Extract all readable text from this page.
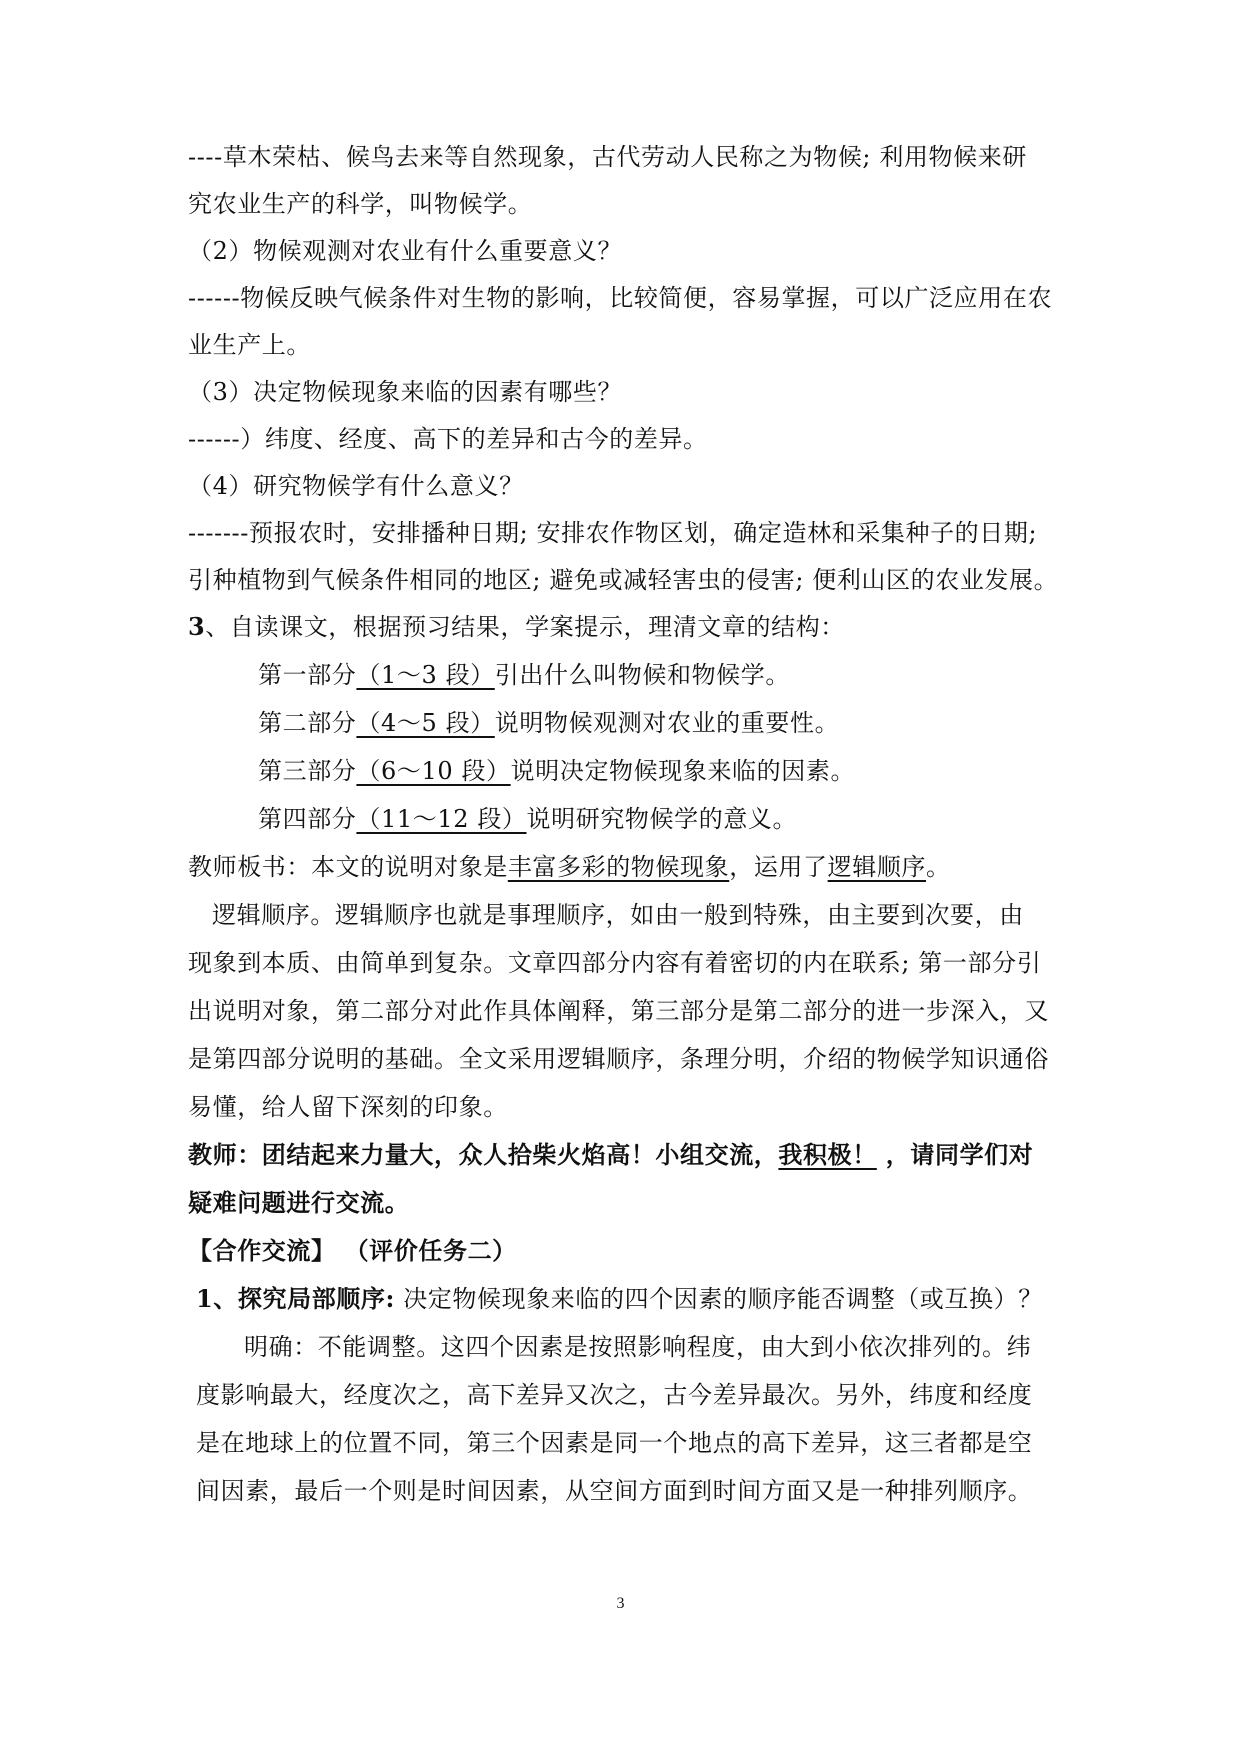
----草木荣枯、候鸟去来等自然现象，古代劳动人民称之为物候; 利用物候来研
究农业生产的科学，叫物候学。
（2）物候观测对农业有什么重要意义？
------物候反映气候条件对生物的影响，比较简便，容易掌握，可以广泛应用在农
业生产上。
（3）决定物候现象来临的因素有哪些？
------）纬度、经度、高下的差异和古今的差异。
（4）研究物候学有什么意义？
-------预报农时，安排播种日期; 安排农作物区划，确定造林和采集种子的日期;
引种植物到气候条件相同的地区; 避免或减轻害虫的侵害; 便利山区的农业发展。
3、自读课文，根据预习结果，学案提示，理清文章的结构：
第一部分（1～3 段）引出什么叫物候和物候学。
第二部分（4～5 段）说明物候观测对农业的重要性。
第三部分（6～10 段）说明决定物候现象来临的因素。
第四部分（11～12 段）说明研究物候学的意义。
教师板书：本文的说明对象是丰富多彩的物候现象，运用了逻辑顺序。
逻辑顺序。逻辑顺序也就是事理顺序，如由一般到特殊，由主要到次要，由
现象到本质、由简单到复杂。文章四部分内容有着密切的内在联系; 第一部分引
出说明对象，第二部分对此作具体阐释，第三部分是第二部分的进一步深入，又
是第四部分说明的基础。全文采用逻辑顺序，条理分明，介绍的物候学知识通俗
易懂，给人留下深刻的印象。
教师：团结起来力量大，众人拾柴火焰高！小组交流，我积极！ ，请同学们对
疑难问题进行交流。
【合作交流】 （评价任务二）
1、探究局部顺序: 决定物候现象来临的四个因素的顺序能否调整（或互换）？
明确：不能调整。这四个因素是按照影响程度，由大到小依次排列的。纬
度影响最大，经度次之，高下差异又次之，古今差异最次。另外，纬度和经度
是在地球上的位置不同，第三个因素是同一个地点的高下差异，这三者都是空
间因素，最后一个则是时间因素，从空间方面到时间方面又是一种排列顺序。
3
